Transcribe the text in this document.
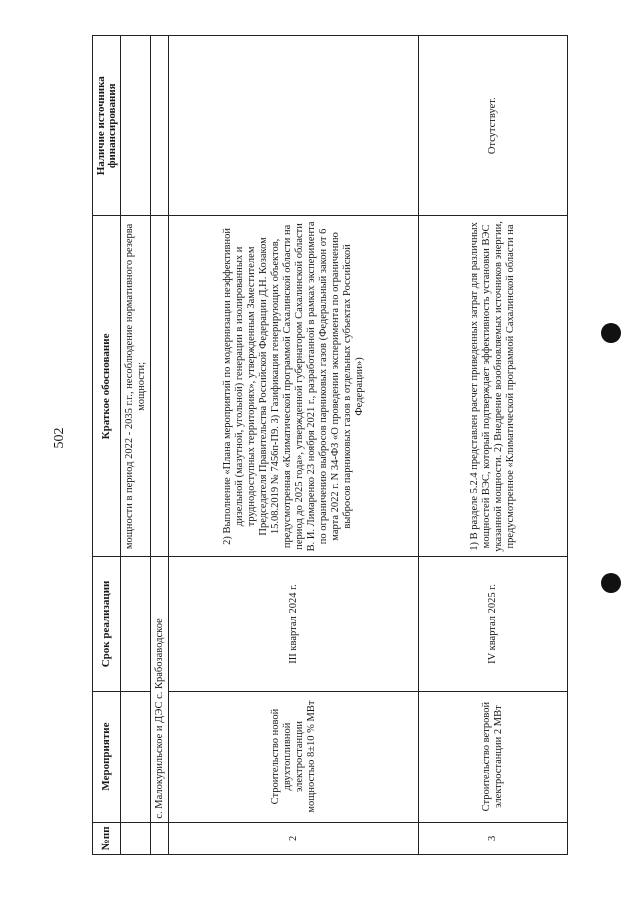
502
№пп	Мероприятие	Срок реализации	Краткое обоснование	Наличие источника финансирования
			мощности в период 2022 - 2035 г.г., несоблюдение нормативного резерва мощности;	
	с. Малокурильское и ДЭС с. Крабозаводское			
2	Строительство новой двухтопливной электростанции мощностью 8±10 % МВт	III квартал 2024 г.	2) Выполнение «Плана мероприятий по модернизации неэффективной дизельной (мазутной, угольной) генерации в изолированных и труднодоступных территориях», утвержденным Заместителем Председателя Правительства Российской Федерации Д.Н. Козаком 15.08.2019 № 7456п-П9. 3) Газификация генерирующих объектов, предусмотренная «Климатической программой Сахалинской области на период до 2025 года», утвержденной губернатором Сахалинской области В. И. Лимаренко 23 ноября 2021 г., разработанной в рамках эксперимента по ограничению выбросов парниковых газов (Федеральный закон от 6 марта 2022 г. N 34-ФЗ «О проведении эксперимента по ограничению выбросов парниковых газов в отдельных субъектах Российской Федерации»)	
3	Строительство ветровой электростанции 2 МВт	IV квартал 2025 г.	1) В разделе 5.2.4 представлен расчет приведенных затрат для различных мощностей ВЭС, который подтверждает эффективность установки ВЭС указанной мощности. 2) Внедрение возобновляемых источников энергии, предусмотренное «Климатической программой Сахалинской области на	Отсутствует.
